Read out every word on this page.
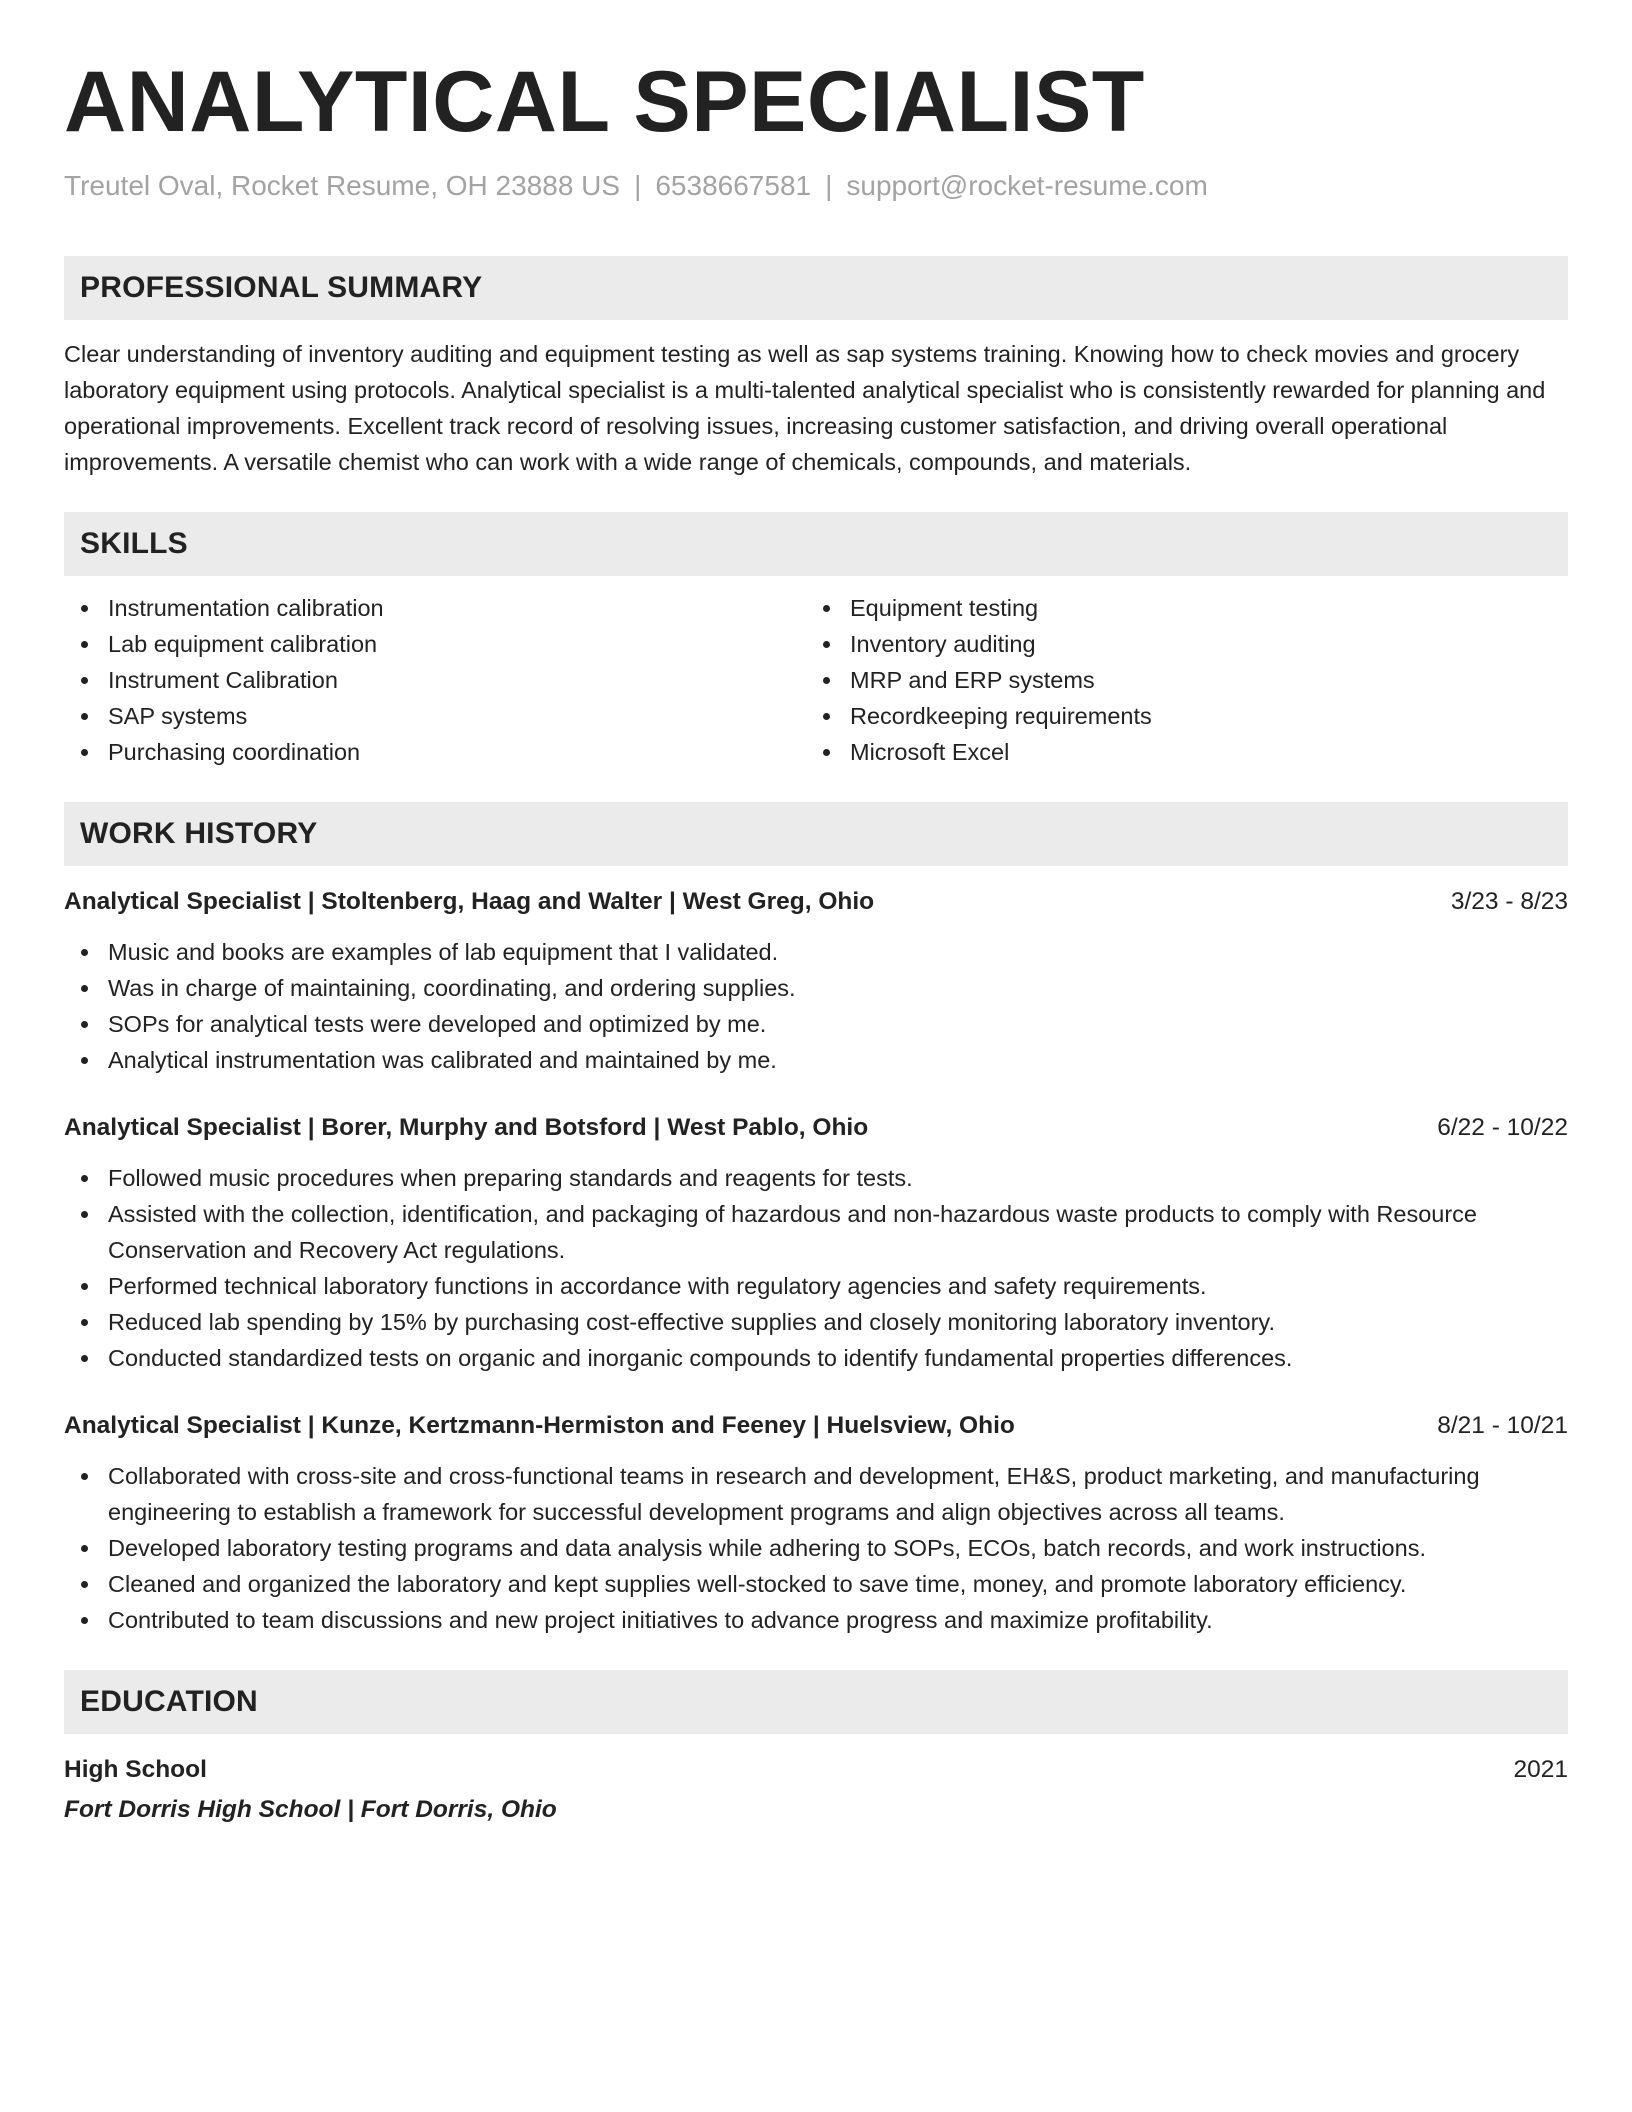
ANALYTICAL SPECIALIST
Treutel Oval, Rocket Resume, OH 23888 US | 6538667581 | support@rocket-resume.com
PROFESSIONAL SUMMARY

Clear understanding of inventory auditing and equipment testing as well as sap systems training. Knowing how to check movies and grocery laboratory equipment using protocols. Analytical specialist is a multi-talented analytical specialist who is consistently rewarded for planning and operational improvements. Excellent track record of resolving issues, increasing customer satisfaction, and driving overall operational improvements. A versatile chemist who can work with a wide range of chemicals, compounds, and materials.

SKILLS
Instrumentation calibration
Lab equipment calibration
Instrument Calibration
SAP systems
Purchasing coordination
Equipment testing
Inventory auditing
MRP and ERP systems
Recordkeeping requirements
Microsoft Excel
WORK HISTORY
Analytical Specialist | Stoltenberg, Haag and Walter | West Greg, Ohio	3/23 - 8/23
Music and books are examples of lab equipment that I validated.
Was in charge of maintaining, coordinating, and ordering supplies.
SOPs for analytical tests were developed and optimized by me.
Analytical instrumentation was calibrated and maintained by me.
Analytical Specialist | Borer, Murphy and Botsford | West Pablo, Ohio	6/22 - 10/22
Followed music procedures when preparing standards and reagents for tests.
Assisted with the collection, identification, and packaging of hazardous and non-hazardous waste products to comply with Resource Conservation and Recovery Act regulations.
Performed technical laboratory functions in accordance with regulatory agencies and safety requirements.
Reduced lab spending by 15% by purchasing cost-effective supplies and closely monitoring laboratory inventory.
Conducted standardized tests on organic and inorganic compounds to identify fundamental properties differences.
Analytical Specialist | Kunze, Kertzmann-Hermiston and Feeney | Huelsview, Ohio	8/21 - 10/21
Collaborated with cross-site and cross-functional teams in research and development, EH&S, product marketing, and manufacturing engineering to establish a framework for successful development programs and align objectives across all teams.
Developed laboratory testing programs and data analysis while adhering to SOPs, ECOs, batch records, and work instructions.
Cleaned and organized the laboratory and kept supplies well-stocked to save time, money, and promote laboratory efficiency.
Contributed to team discussions and new project initiatives to advance progress and maximize profitability.
EDUCATION
High School	2021
Fort Dorris High School | Fort Dorris, Ohio
